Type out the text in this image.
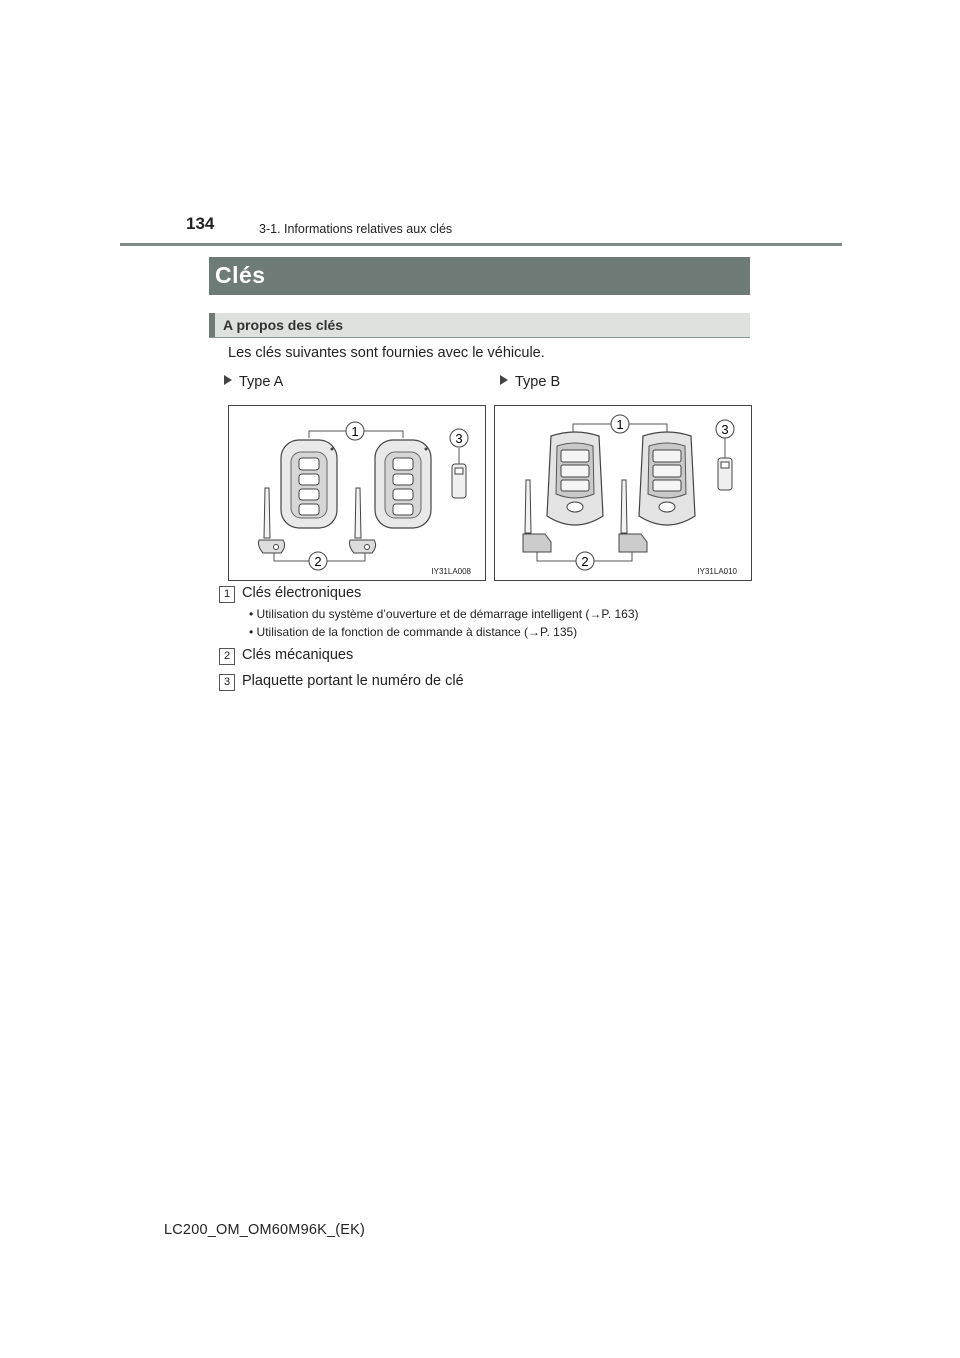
134	3-1. Informations relatives aux clés
Clés
A propos des clés
Les clés suivantes sont fournies avec le véhicule.
Type A	Type B
1
2
3
IY31LA008
1
2
3
IY31LA010
1 Clés électroniques
• Utilisation du système d’ouverture et de démarrage intelligent (→P. 163)
• Utilisation de la fonction de commande à distance (→P. 135)
2 Clés mécaniques
3 Plaquette portant le numéro de clé
LC200_OM_OM60M96K_(EK)
